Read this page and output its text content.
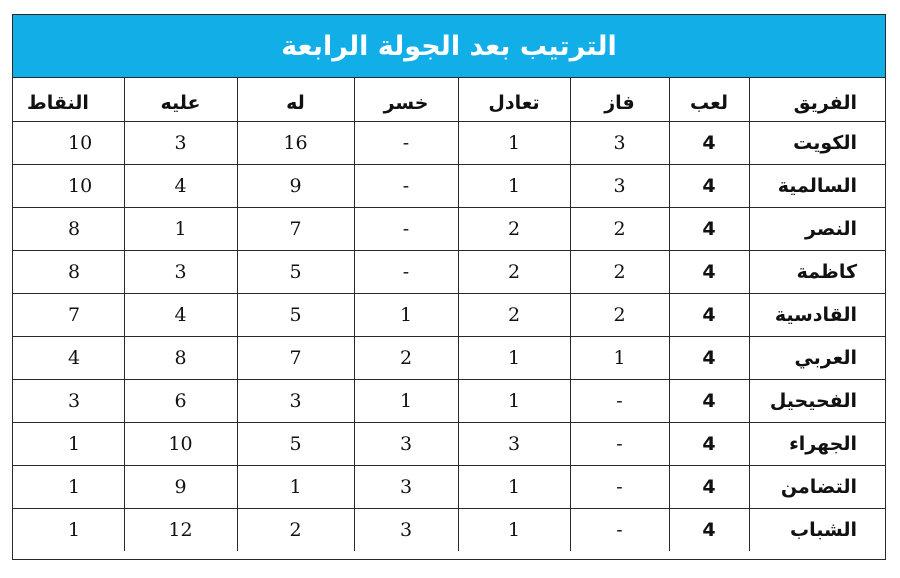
الترتيب بعد الجولة الرابعة
الفريق	لعب	فاز	تعادل	خسر	له	عليه	النقاط
الكويت	4	3	1	-	16	3	10
السالمية	4	3	1	-	9	4	10
النصر	4	2	2	-	7	1	8
كاظمة	4	2	2	-	5	3	8
القادسية	4	2	2	1	5	4	7
العربي	4	1	1	2	7	8	4
الفحيحيل	4	-	1	1	3	6	3
الجهراء	4	-	3	3	5	10	1
التضامن	4	-	1	3	1	9	1
الشباب	4	-	1	3	2	12	1
